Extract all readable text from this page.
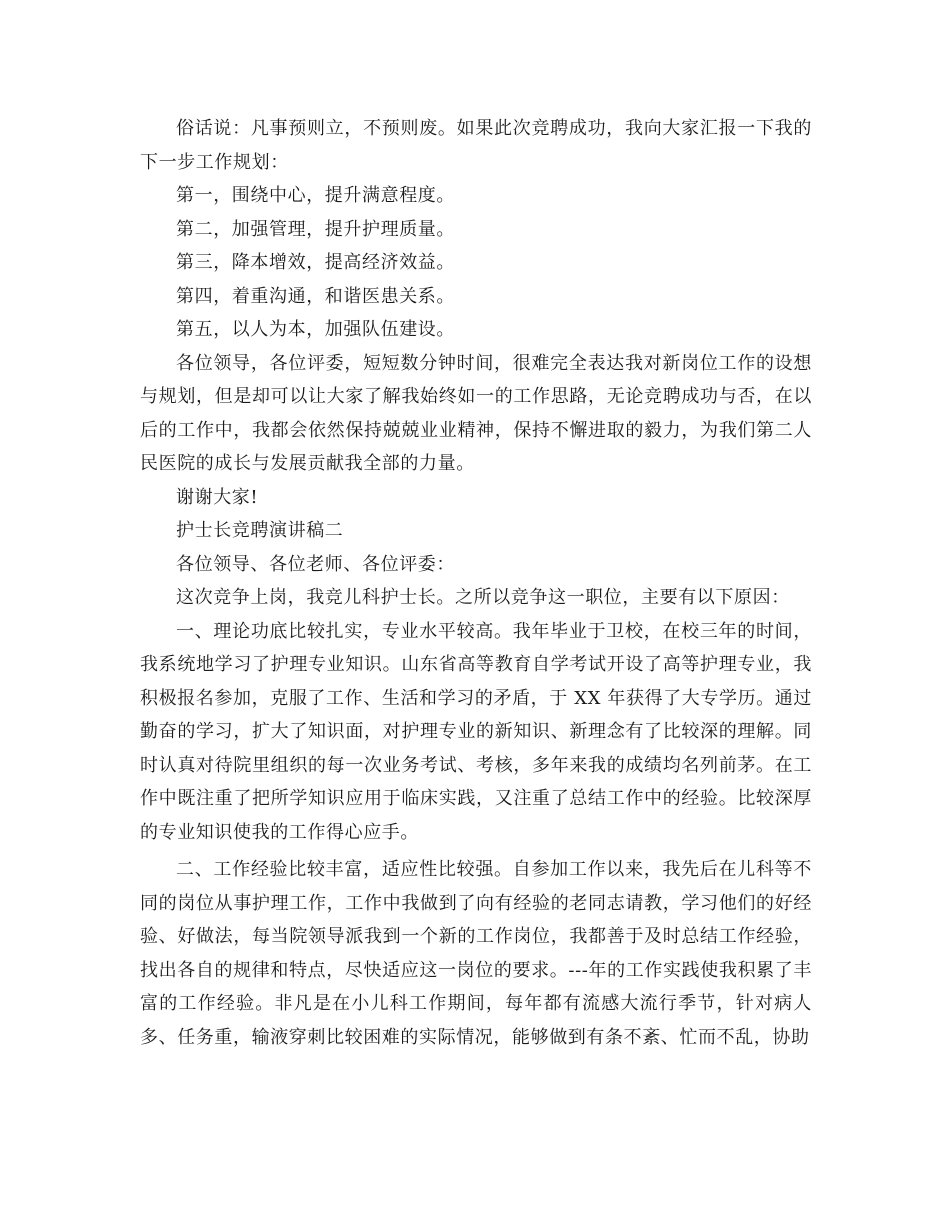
俗话说：凡事预则立，不预则废。如果此次竞聘成功，我向大家汇报一下我的下一步工作规划：

第一，围绕中心，提升满意程度。

第二，加强管理，提升护理质量。

第三，降本增效，提高经济效益。

第四，着重沟通，和谐医患关系。

第五，以人为本，加强队伍建设。

各位领导，各位评委，短短数分钟时间，很难完全表达我对新岗位工作的设想与规划，但是却可以让大家了解我始终如一的工作思路，无论竞聘成功与否，在以后的工作中，我都会依然保持兢兢业业精神，保持不懈进取的毅力，为我们第二人民医院的成长与发展贡献我全部的力量。

谢谢大家!

护士长竞聘演讲稿二

各位领导、各位老师、各位评委：

这次竞争上岗，我竞儿科护士长。之所以竞争这一职位，主要有以下原因：

一、理论功底比较扎实，专业水平较高。我年毕业于卫校，在校三年的时间，我系统地学习了护理专业知识。山东省高等教育自学考试开设了高等护理专业，我积极报名参加，克服了工作、生活和学习的矛盾，于 XX 年获得了大专学历。通过勤奋的学习，扩大了知识面，对护理专业的新知识、新理念有了比较深的理解。同时认真对待院里组织的每一次业务考试、考核，多年来我的成绩均名列前茅。在工作中既注重了把所学知识应用于临床实践，又注重了总结工作中的经验。比较深厚的专业知识使我的工作得心应手。

二、工作经验比较丰富，适应性比较强。自参加工作以来，我先后在儿科等不同的岗位从事护理工作，工作中我做到了向有经验的老同志请教，学习他们的好经验、好做法，每当院领导派我到一个新的工作岗位，我都善于及时总结工作经验，找出各自的规律和特点，尽快适应这一岗位的要求。---年的工作实践使我积累了丰富的工作经验。非凡是在小儿科工作期间，每年都有流感大流行季节，针对病人多、任务重，输液穿刺比较困难的实际情况，能够做到有条不紊、忙而不乱，协助
